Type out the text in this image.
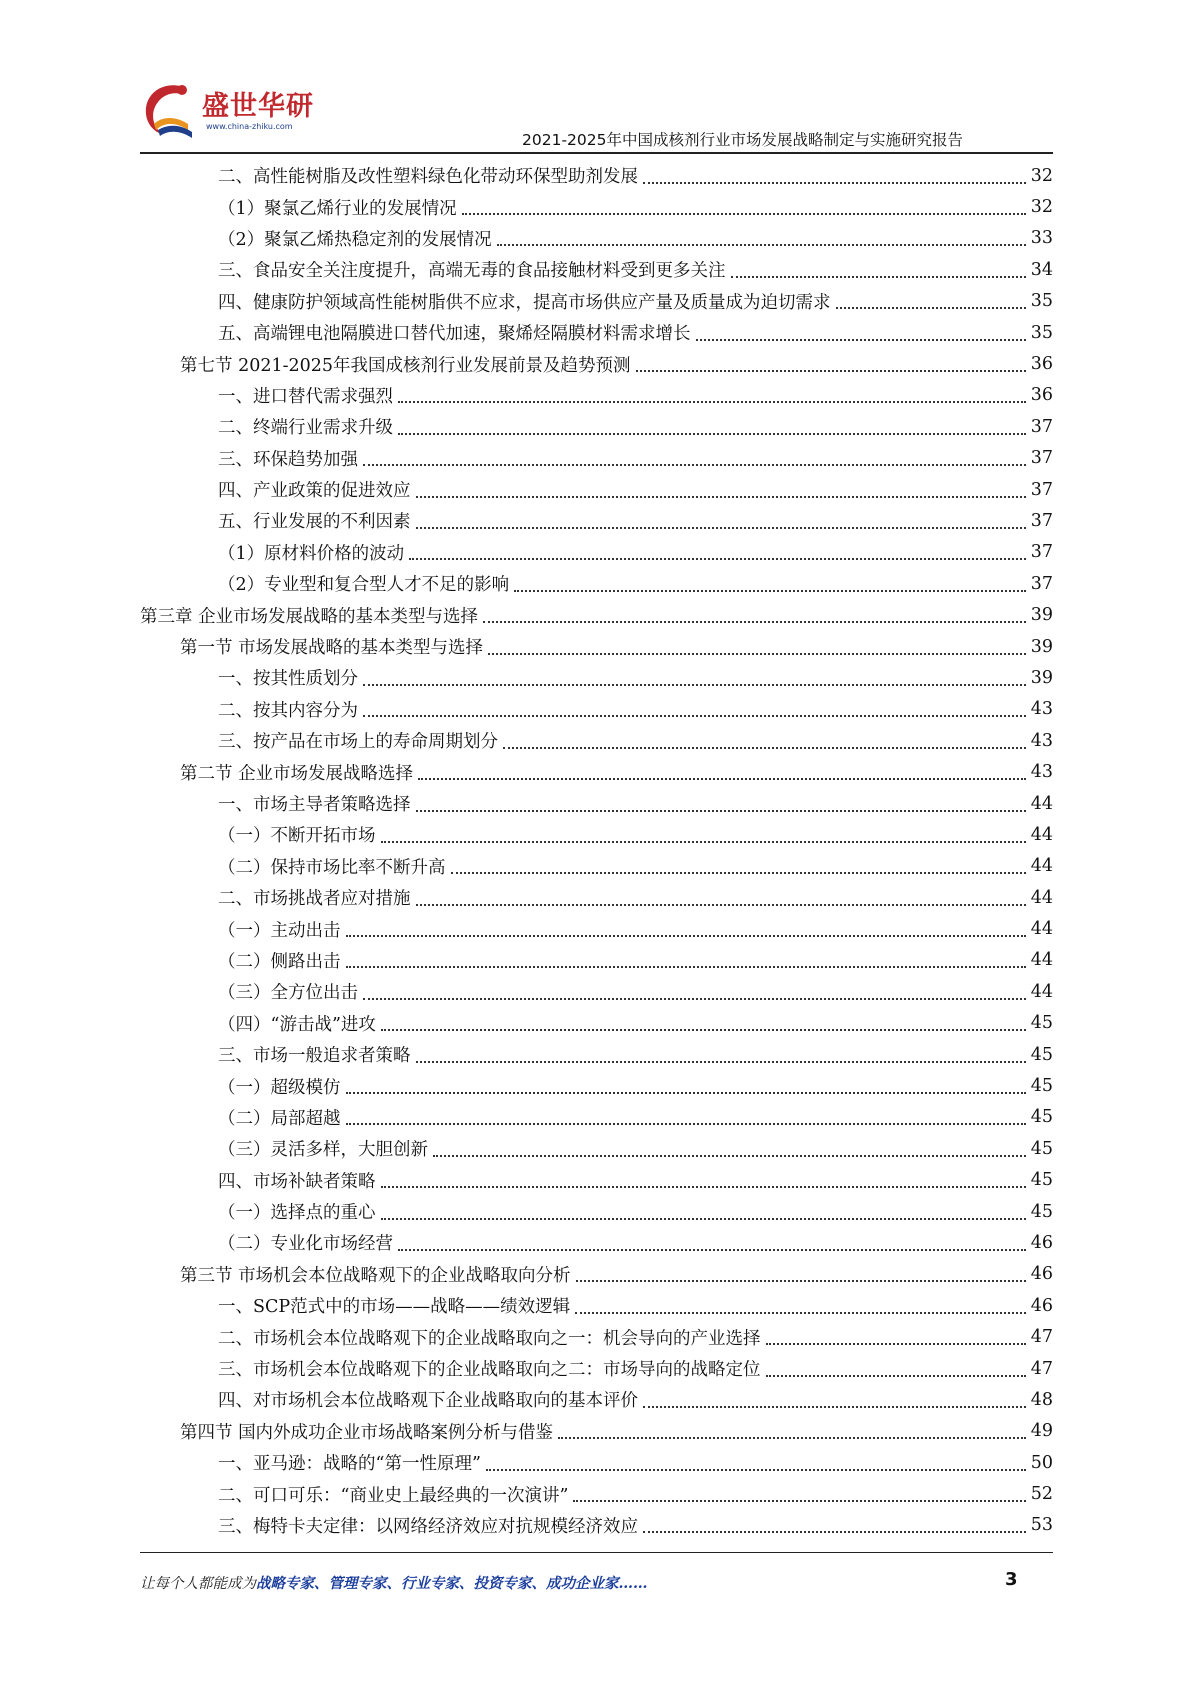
盛世华研
www.china-zhiku.com
2021-2025年中国成核剂行业市场发展战略制定与实施研究报告
二、高性能树脂及改性塑料绿色化带动环保型助剂发展	32
（1）聚氯乙烯行业的发展情况	32
（2）聚氯乙烯热稳定剂的发展情况	33
三、食品安全关注度提升，高端无毒的食品接触材料受到更多关注	34
四、健康防护领域高性能树脂供不应求，提高市场供应产量及质量成为迫切需求	35
五、高端锂电池隔膜进口替代加速，聚烯烃隔膜材料需求增长	35
第七节 2021-2025年我国成核剂行业发展前景及趋势预测	36
一、进口替代需求强烈	36
二、终端行业需求升级	37
三、环保趋势加强	37
四、产业政策的促进效应	37
五、行业发展的不利因素	37
（1）原材料价格的波动	37
（2）专业型和复合型人才不足的影响	37
第三章 企业市场发展战略的基本类型与选择	39
第一节 市场发展战略的基本类型与选择	39
一、按其性质划分	39
二、按其内容分为	43
三、按产品在市场上的寿命周期划分	43
第二节 企业市场发展战略选择	43
一、市场主导者策略选择	44
（一）不断开拓市场	44
（二）保持市场比率不断升高	44
二、市场挑战者应对措施	44
（一）主动出击	44
（二）侧路出击	44
（三）全方位出击	44
（四）“游击战”进攻	45
三、市场一般追求者策略	45
（一）超级模仿	45
（二）局部超越	45
（三）灵活多样，大胆创新	45
四、市场补缺者策略	45
（一）选择点的重心	45
（二）专业化市场经营	46
第三节 市场机会本位战略观下的企业战略取向分析	46
一、SCP范式中的市场——战略——绩效逻辑	46
二、市场机会本位战略观下的企业战略取向之一：机会导向的产业选择	47
三、市场机会本位战略观下的企业战略取向之二：市场导向的战略定位	47
四、对市场机会本位战略观下企业战略取向的基本评价	48
第四节 国内外成功企业市场战略案例分析与借鉴	49
一、亚马逊：战略的“第一性原理”	50
二、可口可乐：“商业史上最经典的一次演讲”	52
三、梅特卡夫定律：以网络经济效应对抗规模经济效应	53
让每个人都能成为战略专家、管理专家、行业专家、投资专家、成功企业家……	3
